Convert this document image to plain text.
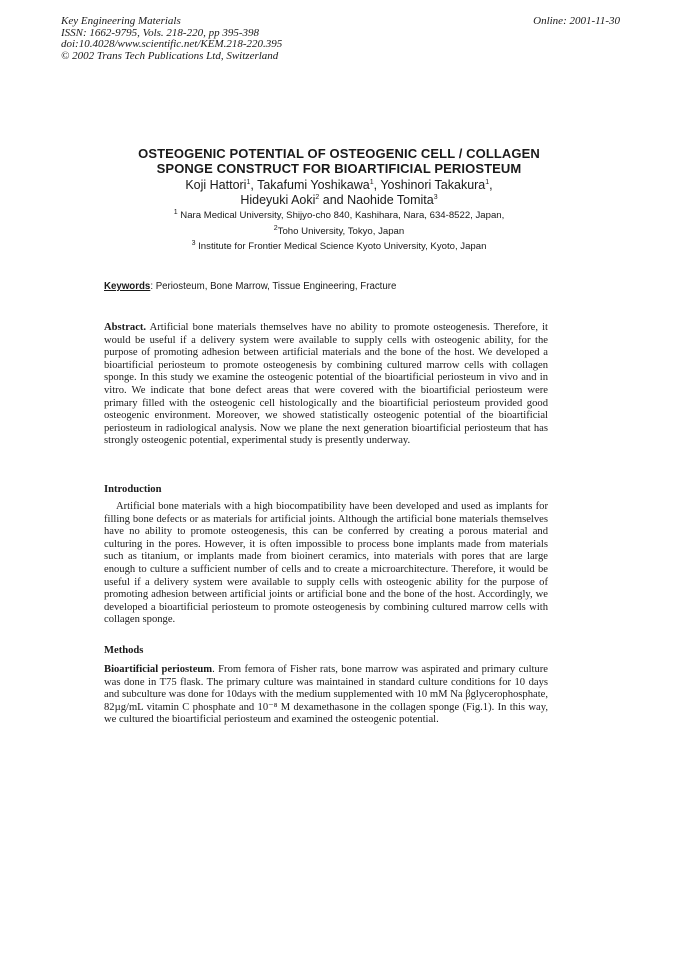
Key Engineering Materials
ISSN: 1662-9795, Vols. 218-220, pp 395-398
doi:10.4028/www.scientific.net/KEM.218-220.395
© 2002 Trans Tech Publications Ltd, Switzerland
Online: 2001-11-30
OSTEOGENIC POTENTIAL OF OSTEOGENIC CELL / COLLAGEN
SPONGE CONSTRUCT FOR BIOARTIFICIAL PERIOSTEUM
Koji Hattori$^1$, Takafumi Yoshikawa$^1$, Yoshinori Takakura$^1$,
Hideyuki Aoki$^2$ and Naohide Tomita$^3$
$^1$ Nara Medical University, Shijyo-cho 840, Kashihara, Nara, 634-8522, Japan,
$^2$Toho University, Tokyo, Japan
$^3$ Institute for Frontier Medical Science Kyoto University, Kyoto, Japan
Keywords: Periosteum, Bone Marrow, Tissue Engineering, Fracture

Abstract. Artificial bone materials themselves have no ability to promote osteogenesis. Therefore, it would be useful if a delivery system were available to supply cells with osteogenic ability, for the purpose of promoting adhesion between artificial materials and the bone of the host. We developed a bioartificial periosteum to promote osteogenesis by combining cultured marrow cells with collagen sponge. In this study we examine the osteogenic potential of the bioartificial periosteum in vivo and in vitro. We indicate that bone defect areas that were covered with the bioartificial periosteum were primary filled with the osteogenic cell histologically and the bioartificial periosteum provided good osteogenic environment. Moreover, we showed statistically osteogenic potential of the bioartificial periosteum in radiological analysis. Now we plane the next generation bioartificial periosteum that has strongly osteogenic potential, experimental study is presently underway.

Introduction

Artificial bone materials with a high biocompatibility have been developed and used as implants for filling bone defects or as materials for artificial joints. Although the artificial bone materials themselves have no ability to promote osteogenesis, this can be conferred by creating a porous material and culturing in the pores. However, it is often impossible to process bone implants made from materials such as titanium, or implants made from bioinert ceramics, into materials with pores that are large enough to culture a sufficient number of cells and to create a microarchitecture. Therefore, it would be useful if a delivery system were available to supply cells with osteogenic ability for the purpose of promoting adhesion between artificial joints or artificial bone and the bone of the host. Accordingly, we developed a bioartificial periosteum to promote osteogenesis by combining cultured marrow cells with collagen sponge.

Methods

Bioartificial periosteum. From femora of Fisher rats, bone marrow was aspirated and primary culture was done in T75 flask. The primary culture was maintained in standard culture conditions for 10 days and subculture was done for 10days with the medium supplemented with 10 mM Na βglycerophosphate, 82µg/mL vitamin C phosphate and 10⁻⁸ M dexamethasone in the collagen sponge (Fig.1). In this way, we cultured the bioartificial periosteum and examined the osteogenic potential.
